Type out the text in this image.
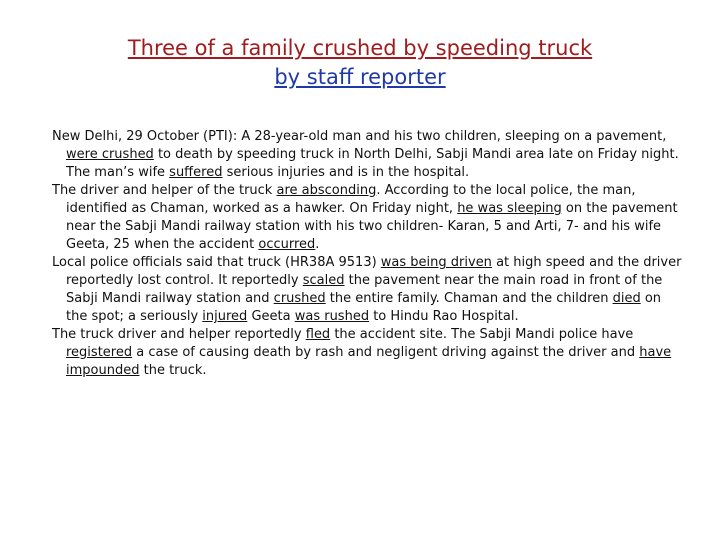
Three of a family crushed by speeding truck
by staff reporter

New Delhi, 29 October (PTI): A 28-year-old man and his two children, sleeping on a pavement, were crushed to death by speeding truck in North Delhi, Sabji Mandi area late on Friday night. The man’s wife suffered serious injuries and is in the hospital.

The driver and helper of the truck are absconding. According to the local police, the man, identified as Chaman, worked as a hawker. On Friday night, he was sleeping on the pavement near the Sabji Mandi railway station with his two children- Karan, 5 and Arti, 7- and his wife Geeta, 25 when the accident occurred.

Local police officials said that truck (HR38A 9513) was being driven at high speed and the driver reportedly lost control. It reportedly scaled the pavement near the main road in front of the Sabji Mandi railway station and crushed the entire family. Chaman and the children died on the spot; a seriously injured Geeta was rushed to Hindu Rao Hospital.

The truck driver and helper reportedly fled the accident site. The Sabji Mandi police have registered a case of causing death by rash and negligent driving against the driver and have impounded the truck.
